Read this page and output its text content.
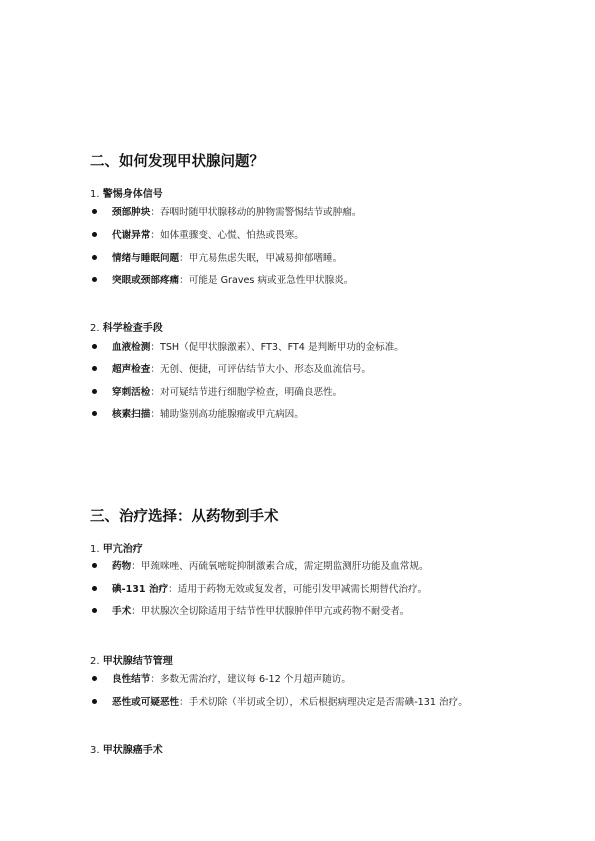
二、如何发现甲状腺问题？
1. 警惕身体信号
颈部肿块：吞咽时随甲状腺移动的肿物需警惕结节或肿瘤。
代谢异常：如体重骤变、心慌、怕热或畏寒。
情绪与睡眠问题：甲亢易焦虑失眠，甲减易抑郁嗜睡。
突眼或颈部疼痛：可能是 Graves 病或亚急性甲状腺炎。
2. 科学检查手段
血液检测：TSH（促甲状腺激素）、FT3、FT4 是判断甲功的金标准。
超声检查：无创、便捷，可评估结节大小、形态及血流信号。
穿刺活检：对可疑结节进行细胞学检查，明确良恶性。
核素扫描：辅助鉴别高功能腺瘤或甲亢病因。
三、治疗选择：从药物到手术
1. 甲亢治疗
药物：甲巯咪唑、丙硫氧嘧啶抑制激素合成，需定期监测肝功能及血常规。
碘-131 治疗：适用于药物无效或复发者，可能引发甲减需长期替代治疗。
手术：甲状腺次全切除适用于结节性甲状腺肿伴甲亢或药物不耐受者。
2. 甲状腺结节管理
良性结节：多数无需治疗，建议每 6-12 个月超声随访。
恶性或可疑恶性：手术切除（半切或全切），术后根据病理决定是否需碘-131 治疗。
3. 甲状腺癌手术
